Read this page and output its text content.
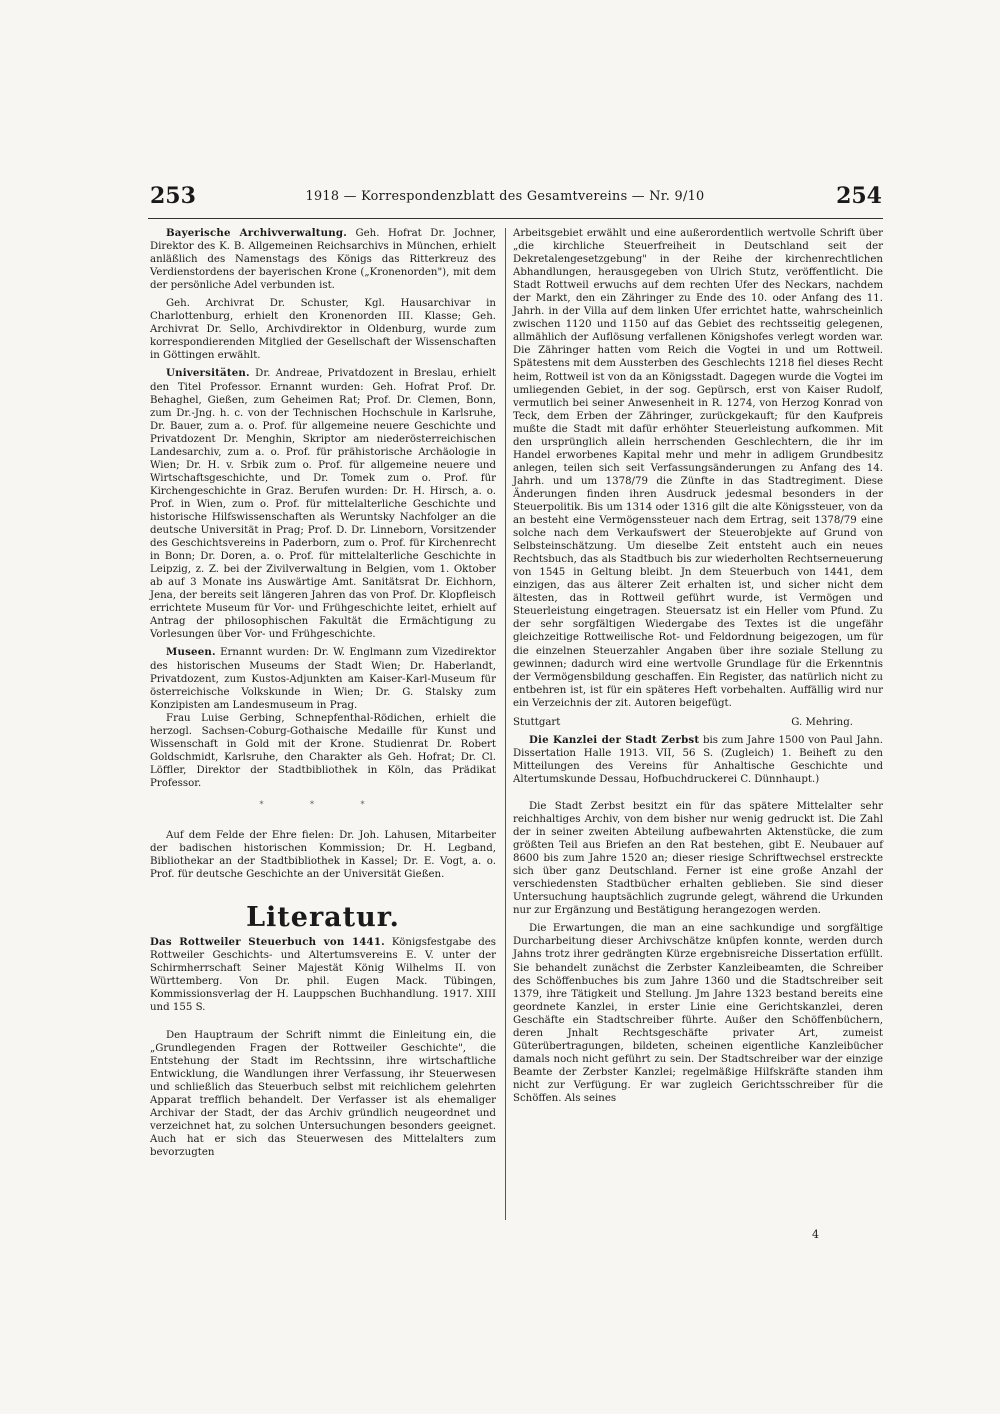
253	1918 — Korrespondenzblatt des Gesamtvereins — Nr. 9/10	254

Bayerische Archivverwaltung. Geh. Hofrat Dr. Jochner, Direktor des K. B. Allgemeinen Reichsarchivs in München, erhielt anläßlich des Namenstags des Königs das Ritterkreuz des Verdienstordens der bayerischen Krone („Kronenorden"), mit dem der persönliche Adel verbunden ist.

Geh. Archivrat Dr. Schuster, Kgl. Hausarchivar in Charlottenburg, erhielt den Kronenorden III. Klasse; Geh. Archivrat Dr. Sello, Archivdirektor in Oldenburg, wurde zum korrespondierenden Mitglied der Gesellschaft der Wissenschaften in Göttingen erwählt.

Universitäten. Dr. Andreae, Privatdozent in Breslau, erhielt den Titel Professor. Ernannt wurden: Geh. Hofrat Prof. Dr. Behaghel, Gießen, zum Geheimen Rat; Prof. Dr. Clemen, Bonn, zum Dr.-Jng. h. c. von der Technischen Hochschule in Karlsruhe, Dr. Bauer, zum a. o. Prof. für allgemeine neuere Geschichte und Privatdozent Dr. Menghin, Skriptor am niederösterreichischen Landesarchiv, zum a. o. Prof. für prähistorische Archäologie in Wien; Dr. H. v. Srbik zum o. Prof. für allgemeine neuere und Wirtschaftsgeschichte, und Dr. Tomek zum o. Prof. für Kirchengeschichte in Graz. Berufen wurden: Dr. H. Hirsch, a. o. Prof. in Wien, zum o. Prof. für mittelalterliche Geschichte und historische Hilfswissenschaften als Weruntsky Nachfolger an die deutsche Universität in Prag; Prof. D. Dr. Linneborn, Vorsitzender des Geschichtsvereins in Paderborn, zum o. Prof. für Kirchenrecht in Bonn; Dr. Doren, a. o. Prof. für mittelalterliche Geschichte in Leipzig, z. Z. bei der Zivilverwaltung in Belgien, vom 1. Oktober ab auf 3 Monate ins Auswärtige Amt. Sanitätsrat Dr. Eichhorn, Jena, der bereits seit längeren Jahren das von Prof. Dr. Klopfleisch errichtete Museum für Vor- und Frühgeschichte leitet, erhielt auf Antrag der philosophischen Fakultät die Ermächtigung zu Vorlesungen über Vor- und Frühgeschichte.

Museen. Ernannt wurden: Dr. W. Englmann zum Vizedirektor des historischen Museums der Stadt Wien; Dr. Haberlandt, Privatdozent, zum Kustos-Adjunkten am Kaiser-Karl-Museum für österreichische Volkskunde in Wien; Dr. G. Stalsky zum Konzipisten am Landesmuseum in Prag.

Frau Luise Gerbing, Schnepfenthal-Rödichen, erhielt die herzogl. Sachsen-Coburg-Gothaische Medaille für Kunst und Wissenschaft in Gold mit der Krone. Studienrat Dr. Robert Goldschmidt, Karlsruhe, den Charakter als Geh. Hofrat; Dr. Cl. Löffler, Direktor der Stadtbibliothek in Köln, das Prädikat Professor.

* * *

Auf dem Felde der Ehre fielen: Dr. Joh. Lahusen, Mitarbeiter der badischen historischen Kommission; Dr. H. Legband, Bibliothekar an der Stadtbibliothek in Kassel; Dr. E. Vogt, a. o. Prof. für deutsche Geschichte an der Universität Gießen.

Literatur.

Das Rottweiler Steuerbuch von 1441. Königsfestgabe des Rottweiler Geschichts- und Altertumsvereins E. V. unter der Schirmherrschaft Seiner Majestät König Wilhelms II. von Württemberg. Von Dr. phil. Eugen Mack. Tübingen, Kommissionsverlag der H. Lauppschen Buchhandlung. 1917. XIII und 155 S.

Den Hauptraum der Schrift nimmt die Einleitung ein, die „Grundlegenden Fragen der Rottweiler Geschichte", die Entstehung der Stadt im Rechtssinn, ihre wirtschaftliche Entwicklung, die Wandlungen ihrer Verfassung, ihr Steuerwesen und schließlich das Steuerbuch selbst mit reichlichem gelehrten Apparat trefflich behandelt. Der Verfasser ist als ehemaliger Archivar der Stadt, der das Archiv gründlich neugeordnet und verzeichnet hat, zu solchen Untersuchungen besonders geeignet. Auch hat er sich das Steuerwesen des Mittelalters zum bevorzugten

Arbeitsgebiet erwählt und eine außerordentlich wertvolle Schrift über „die kirchliche Steuerfreiheit in Deutschland seit der Dekretalengesetzgebung" in der Reihe der kirchenrechtlichen Abhandlungen, herausgegeben von Ulrich Stutz, veröffentlicht. Die Stadt Rottweil erwuchs auf dem rechten Ufer des Neckars, nachdem der Markt, den ein Zähringer zu Ende des 10. oder Anfang des 11. Jahrh. in der Villa auf dem linken Ufer errichtet hatte, wahrscheinlich zwischen 1120 und 1150 auf das Gebiet des rechtsseitig gelegenen, allmählich der Auflösung verfallenen Königshofes verlegt worden war. Die Zähringer hatten vom Reich die Vogtei in und um Rottweil. Spätestens mit dem Aussterben des Geschlechts 1218 fiel dieses Recht heim, Rottweil ist von da an Königsstadt. Dagegen wurde die Vogtei im umliegenden Gebiet, in der sog. Gepürsch, erst von Kaiser Rudolf, vermutlich bei seiner Anwesenheit in R. 1274, von Herzog Konrad von Teck, dem Erben der Zähringer, zurückgekauft; für den Kaufpreis mußte die Stadt mit dafür erhöhter Steuerleistung aufkommen. Mit den ursprünglich allein herrschenden Geschlechtern, die ihr im Handel erworbenes Kapital mehr und mehr in adligem Grundbesitz anlegen, teilen sich seit Verfassungsänderungen zu Anfang des 14. Jahrh. und um 1378/79 die Zünfte in das Stadtregiment. Diese Änderungen finden ihren Ausdruck jedesmal besonders in der Steuerpolitik. Bis um 1314 oder 1316 gilt die alte Königssteuer, von da an besteht eine Vermögenssteuer nach dem Ertrag, seit 1378/79 eine solche nach dem Verkaufswert der Steuerobjekte auf Grund von Selbsteinschätzung. Um dieselbe Zeit entsteht auch ein neues Rechtsbuch, das als Stadtbuch bis zur wiederholten Rechtserneuerung von 1545 in Geltung bleibt. Jn dem Steuerbuch von 1441, dem einzigen, das aus älterer Zeit erhalten ist, und sicher nicht dem ältesten, das in Rottweil geführt wurde, ist Vermögen und Steuerleistung eingetragen. Steuersatz ist ein Heller vom Pfund. Zu der sehr sorgfältigen Wiedergabe des Textes ist die ungefähr gleichzeitige Rottweilische Rot- und Feldordnung beigezogen, um für die einzelnen Steuerzahler Angaben über ihre soziale Stellung zu gewinnen; dadurch wird eine wertvolle Grundlage für die Erkenntnis der Vermögensbildung geschaffen. Ein Register, das natürlich nicht zu entbehren ist, ist für ein späteres Heft vorbehalten. Auffällig wird nur ein Verzeichnis der zit. Autoren beigefügt.

Stuttgart	G. Mehring.

Die Kanzlei der Stadt Zerbst bis zum Jahre 1500 von Paul Jahn. Dissertation Halle 1913. VII, 56 S. (Zugleich) 1. Beiheft zu den Mitteilungen des Vereins für Anhaltische Geschichte und Altertumskunde Dessau, Hofbuchdruckerei C. Dünnhaupt.)

Die Stadt Zerbst besitzt ein für das spätere Mittelalter sehr reichhaltiges Archiv, von dem bisher nur wenig gedruckt ist. Die Zahl der in seiner zweiten Abteilung aufbewahrten Aktenstücke, die zum größten Teil aus Briefen an den Rat bestehen, gibt E. Neubauer auf 8600 bis zum Jahre 1520 an; dieser riesige Schriftwechsel erstreckte sich über ganz Deutschland. Ferner ist eine große Anzahl der verschiedensten Stadtbücher erhalten geblieben. Sie sind dieser Untersuchung hauptsächlich zugrunde gelegt, während die Urkunden nur zur Ergänzung und Bestätigung herangezogen werden.

Die Erwartungen, die man an eine sachkundige und sorgfältige Durcharbeitung dieser Archivschätze knüpfen konnte, werden durch Jahns trotz ihrer gedrängten Kürze ergebnisreiche Dissertation erfüllt. Sie behandelt zunächst die Zerbster Kanzleibeamten, die Schreiber des Schöffenbuches bis zum Jahre 1360 und die Stadtschreiber seit 1379, ihre Tätigkeit und Stellung. Jm Jahre 1323 bestand bereits eine geordnete Kanzlei, in erster Linie eine Gerichtskanzlei, deren Geschäfte ein Stadtschreiber führte. Außer den Schöffenbüchern, deren Jnhalt Rechtsgeschäfte privater Art, zumeist Güterübertragungen, bildeten, scheinen eigentliche Kanzleibücher damals noch nicht geführt zu sein. Der Stadtschreiber war der einzige Beamte der Zerbster Kanzlei; regelmäßige Hilfskräfte standen ihm nicht zur Verfügung. Er war zugleich Gerichtsschreiber für die Schöffen. Als seines

4
